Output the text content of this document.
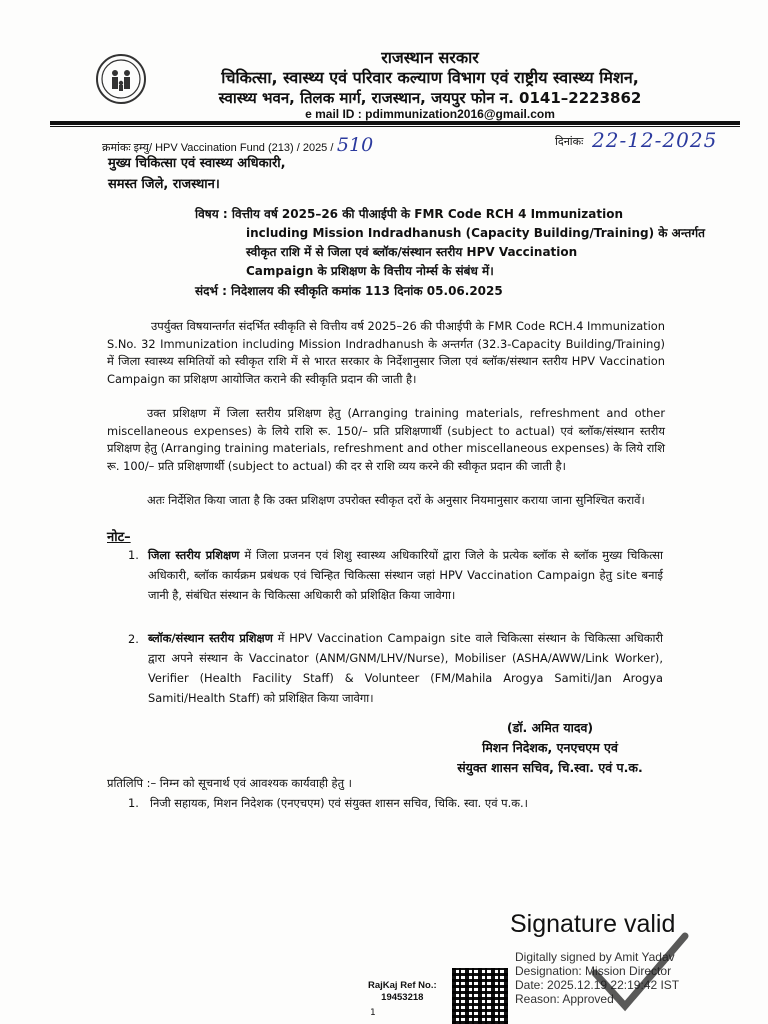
राजस्थान सरकार
चिकित्सा, स्वास्थ्य एवं परिवार कल्याण विभाग एवं राष्ट्रीय स्वास्थ्य मिशन,
स्वास्थ्य भवन, तिलक मार्ग, राजस्थान, जयपुर फोन न. 0141–2223862
e mail ID : pdimmunization2016@gmail.com
क्रमांकः इम्यु/ HPV Vaccination Fund (213) / 2025 / 510	दिनांकः 22-12-2025
मुख्य चिकित्सा एवं स्वास्थ्य अधिकारी,
समस्त जिले, राजस्थान।
विषय : वित्तीय वर्ष 2025–26 की पीआईपी के FMR Code RCH 4 Immunization
including Mission Indradhanush (Capacity Building/Training) के अन्तर्गत
स्वीकृत राशि में से जिला एवं ब्लॉक/संस्थान स्तरीय HPV Vaccination
Campaign के प्रशिक्षण के वित्तीय नोर्म्स के संबंध में।
संदर्भ : निदेशालय की स्वीकृति कमांक 113 दिनांक 05.06.2025
उपर्युक्त विषयान्तर्गत संदर्भित स्वीकृति से वित्तीय वर्ष 2025–26 की पीआईपी के FMR Code RCH.4 Immunization S.No. 32 Immunization including Mission Indradhanush के अन्तर्गत (32.3-Capacity Building/Training) में जिला स्वास्थ्य समितियों को स्वीकृत राशि में से भारत सरकार के निर्देशानुसार जिला एवं ब्लॉक/संस्थान स्तरीय HPV Vaccination Campaign का प्रशिक्षण आयोजित कराने की स्वीकृति प्रदान की जाती है।
उक्त प्रशिक्षण में जिला स्तरीय प्रशिक्षण हेतु (Arranging training materials, refreshment and other miscellaneous expenses) के लिये राशि रू. 150/– प्रति प्रशिक्षणार्थी (subject to actual) एवं ब्लॉक/संस्थान स्तरीय प्रशिक्षण हेतु (Arranging training materials, refreshment and other miscellaneous expenses) के लिये राशि रू. 100/– प्रति प्रशिक्षणार्थी (subject to actual) की दर से राशि व्यय करने की स्वीकृत प्रदान की जाती है।
अतः निर्देशित किया जाता है कि उक्त प्रशिक्षण उपरोक्त स्वीकृत दरों के अनुसार नियमानुसार कराया जाना सुनिश्चित करावें।
नोट–
1. जिला स्तरीय प्रशिक्षण में जिला प्रजनन एवं शिशु स्वास्थ्य अधिकारियों द्वारा जिले के प्रत्येक ब्लॉक से ब्लॉक मुख्य चिकित्सा अधिकारी, ब्लॉक कार्यक्रम प्रबंधक एवं चिन्हित चिकित्सा संस्थान जहां HPV Vaccination Campaign हेतु site बनाई जानी है, संबंधित संस्थान के चिकित्सा अधिकारी को प्रशिक्षित किया जावेगा।
2. ब्लॉक/संस्थान स्तरीय प्रशिक्षण में HPV Vaccination Campaign site वाले चिकित्सा संस्थान के चिकित्सा अधिकारी द्वारा अपने संस्थान के Vaccinator (ANM/GNM/LHV/Nurse), Mobiliser (ASHA/AWW/Link Worker), Verifier (Health Facility Staff) & Volunteer (FM/Mahila Arogya Samiti/Jan Arogya Samiti/Health Staff) को प्रशिक्षित किया जावेगा।
(डॉ. अमित यादव)
मिशन निदेशक, एनएचएम एवं
संयुक्त शासन सचिव, चि.स्वा. एवं प.क.
प्रतिलिपि :– निम्न को सूचनार्थ एवं आवश्यक कार्यवाही हेतु ।
1. निजी सहायक, मिशन निदेशक (एनएचएम) एवं संयुक्त शासन सचिव, चिकि. स्वा. एवं प.क.।
Signature valid
Digitally signed by Amit Yadav
Designation: Mission Director
Date: 2025.12.19 22:19:42 IST
Reason: Approved
RajKaj Ref No.:
19453218
1
